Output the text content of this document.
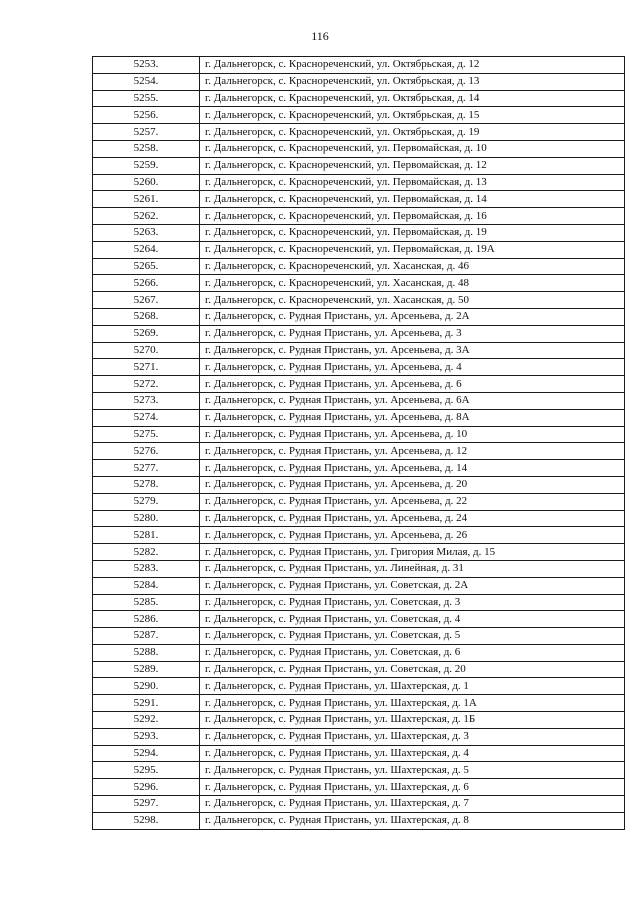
116
5253.	г. Дальнегорск, с. Краснореченский, ул. Октябрьская, д. 12
5254.	г. Дальнегорск, с. Краснореченский, ул. Октябрьская, д. 13
5255.	г. Дальнегорск, с. Краснореченский, ул. Октябрьская, д. 14
5256.	г. Дальнегорск, с. Краснореченский, ул. Октябрьская, д. 15
5257.	г. Дальнегорск, с. Краснореченский, ул. Октябрьская, д. 19
5258.	г. Дальнегорск, с. Краснореченский, ул. Первомайская, д. 10
5259.	г. Дальнегорск, с. Краснореченский, ул. Первомайская, д. 12
5260.	г. Дальнегорск, с. Краснореченский, ул. Первомайская, д. 13
5261.	г. Дальнегорск, с. Краснореченский, ул. Первомайская, д. 14
5262.	г. Дальнегорск, с. Краснореченский, ул. Первомайская, д. 16
5263.	г. Дальнегорск, с. Краснореченский, ул. Первомайская, д. 19
5264.	г. Дальнегорск, с. Краснореченский, ул. Первомайская, д. 19А
5265.	г. Дальнегорск, с. Краснореченский, ул. Хасанская, д. 46
5266.	г. Дальнегорск, с. Краснореченский, ул. Хасанская, д. 48
5267.	г. Дальнегорск, с. Краснореченский, ул. Хасанская, д. 50
5268.	г. Дальнегорск, с. Рудная Пристань, ул. Арсеньева, д. 2А
5269.	г. Дальнегорск, с. Рудная Пристань, ул. Арсеньева, д. 3
5270.	г. Дальнегорск, с. Рудная Пристань, ул. Арсеньева, д. 3А
5271.	г. Дальнегорск, с. Рудная Пристань, ул. Арсеньева, д. 4
5272.	г. Дальнегорск, с. Рудная Пристань, ул. Арсеньева, д. 6
5273.	г. Дальнегорск, с. Рудная Пристань, ул. Арсеньева, д. 6А
5274.	г. Дальнегорск, с. Рудная Пристань, ул. Арсеньева, д. 8А
5275.	г. Дальнегорск, с. Рудная Пристань, ул. Арсеньева, д. 10
5276.	г. Дальнегорск, с. Рудная Пристань, ул. Арсеньева, д. 12
5277.	г. Дальнегорск, с. Рудная Пристань, ул. Арсеньева, д. 14
5278.	г. Дальнегорск, с. Рудная Пристань, ул. Арсеньева, д. 20
5279.	г. Дальнегорск, с. Рудная Пристань, ул. Арсеньева, д. 22
5280.	г. Дальнегорск, с. Рудная Пристань, ул. Арсеньева, д. 24
5281.	г. Дальнегорск, с. Рудная Пристань, ул. Арсеньева, д. 26
5282.	г. Дальнегорск, с. Рудная Пристань, ул. Григория Милая, д. 15
5283.	г. Дальнегорск, с. Рудная Пристань, ул. Линейная, д. 31
5284.	г. Дальнегорск, с. Рудная Пристань, ул. Советская, д. 2А
5285.	г. Дальнегорск, с. Рудная Пристань, ул. Советская, д. 3
5286.	г. Дальнегорск, с. Рудная Пристань, ул. Советская, д. 4
5287.	г. Дальнегорск, с. Рудная Пристань, ул. Советская, д. 5
5288.	г. Дальнегорск, с. Рудная Пристань, ул. Советская, д. 6
5289.	г. Дальнегорск, с. Рудная Пристань, ул. Советская, д. 20
5290.	г. Дальнегорск, с. Рудная Пристань, ул. Шахтерская, д. 1
5291.	г. Дальнегорск, с. Рудная Пристань, ул. Шахтерская, д. 1А
5292.	г. Дальнегорск, с. Рудная Пристань, ул. Шахтерская, д. 1Б
5293.	г. Дальнегорск, с. Рудная Пристань, ул. Шахтерская, д. 3
5294.	г. Дальнегорск, с. Рудная Пристань, ул. Шахтерская, д. 4
5295.	г. Дальнегорск, с. Рудная Пристань, ул. Шахтерская, д. 5
5296.	г. Дальнегорск, с. Рудная Пристань, ул. Шахтерская, д. 6
5297.	г. Дальнегорск, с. Рудная Пристань, ул. Шахтерская, д. 7
5298.	г. Дальнегорск, с. Рудная Пристань, ул. Шахтерская, д. 8
